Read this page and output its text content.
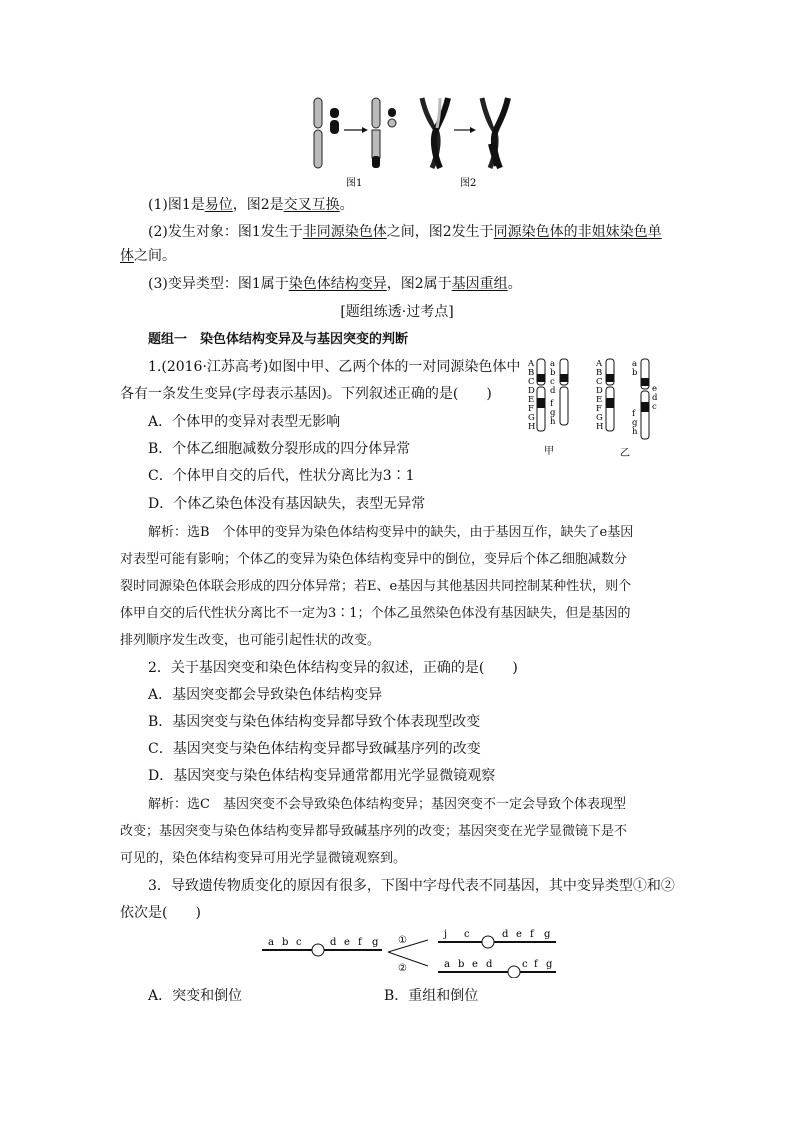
图1	图2
(1)图1是易位，图2是交叉互换。
(2)发生对象：图1发生于非同源染色体之间，图2发生于同源染色体的非姐妹染色单
体之间。
(3)变异类型：图1属于染色体结构变异，图2属于基因重组。
[题组练透·过考点]
题组一　染色体结构变异及与基因突变的判断
1.(2016·江苏高考)如图中甲、乙两个体的一对同源染色体中
各有一条发生变异(字母表示基因)。下列叙述正确的是(　　)
A．个体甲的变异对表型无影响
B．个体乙细胞减数分裂形成的四分体异常
C．个体甲自交的后代，性状分离比为3∶1
D．个体乙染色体没有基因缺失，表型无异常
A
B
C
D
E
F
G
H
a
b
c
d
f
g
h
甲
A
B
C
D
E
F
G
H
a
b
f
g
h
e
d
c
乙
解析：选B　个体甲的变异为染色体结构变异中的缺失，由于基因互作，缺失了e基因
对表型可能有影响；个体乙的变异为染色体结构变异中的倒位，变异后个体乙细胞减数分
裂时同源染色体联会形成的四分体异常；若E、e基因与其他基因共同控制某种性状，则个
体甲自交的后代性状分离比不一定为3∶1；个体乙虽然染色体没有基因缺失，但是基因的
排列顺序发生改变，也可能引起性状的改变。
2．关于基因突变和染色体结构变异的叙述，正确的是(　　)
A．基因突变都会导致染色体结构变异
B．基因突变与染色体结构变异都导致个体表现型改变
C．基因突变与染色体结构变异都导致碱基序列的改变
D．基因突变与染色体结构变异通常都用光学显微镜观察
解析：选C　基因突变不会导致染色体结构变异；基因突变不一定会导致个体表现型
改变；基因突变与染色体结构变异都导致碱基序列的改变；基因突变在光学显微镜下是不
可见的，染色体结构变异可用光学显微镜观察到。
3．导致遗传物质变化的原因有很多，下图中字母代表不同基因，其中变异类型①和②
依次是(　　)
a b c	d e f g ①
②
j c	d e f g
a b e d	c f g
A．突变和倒位	B．重组和倒位
